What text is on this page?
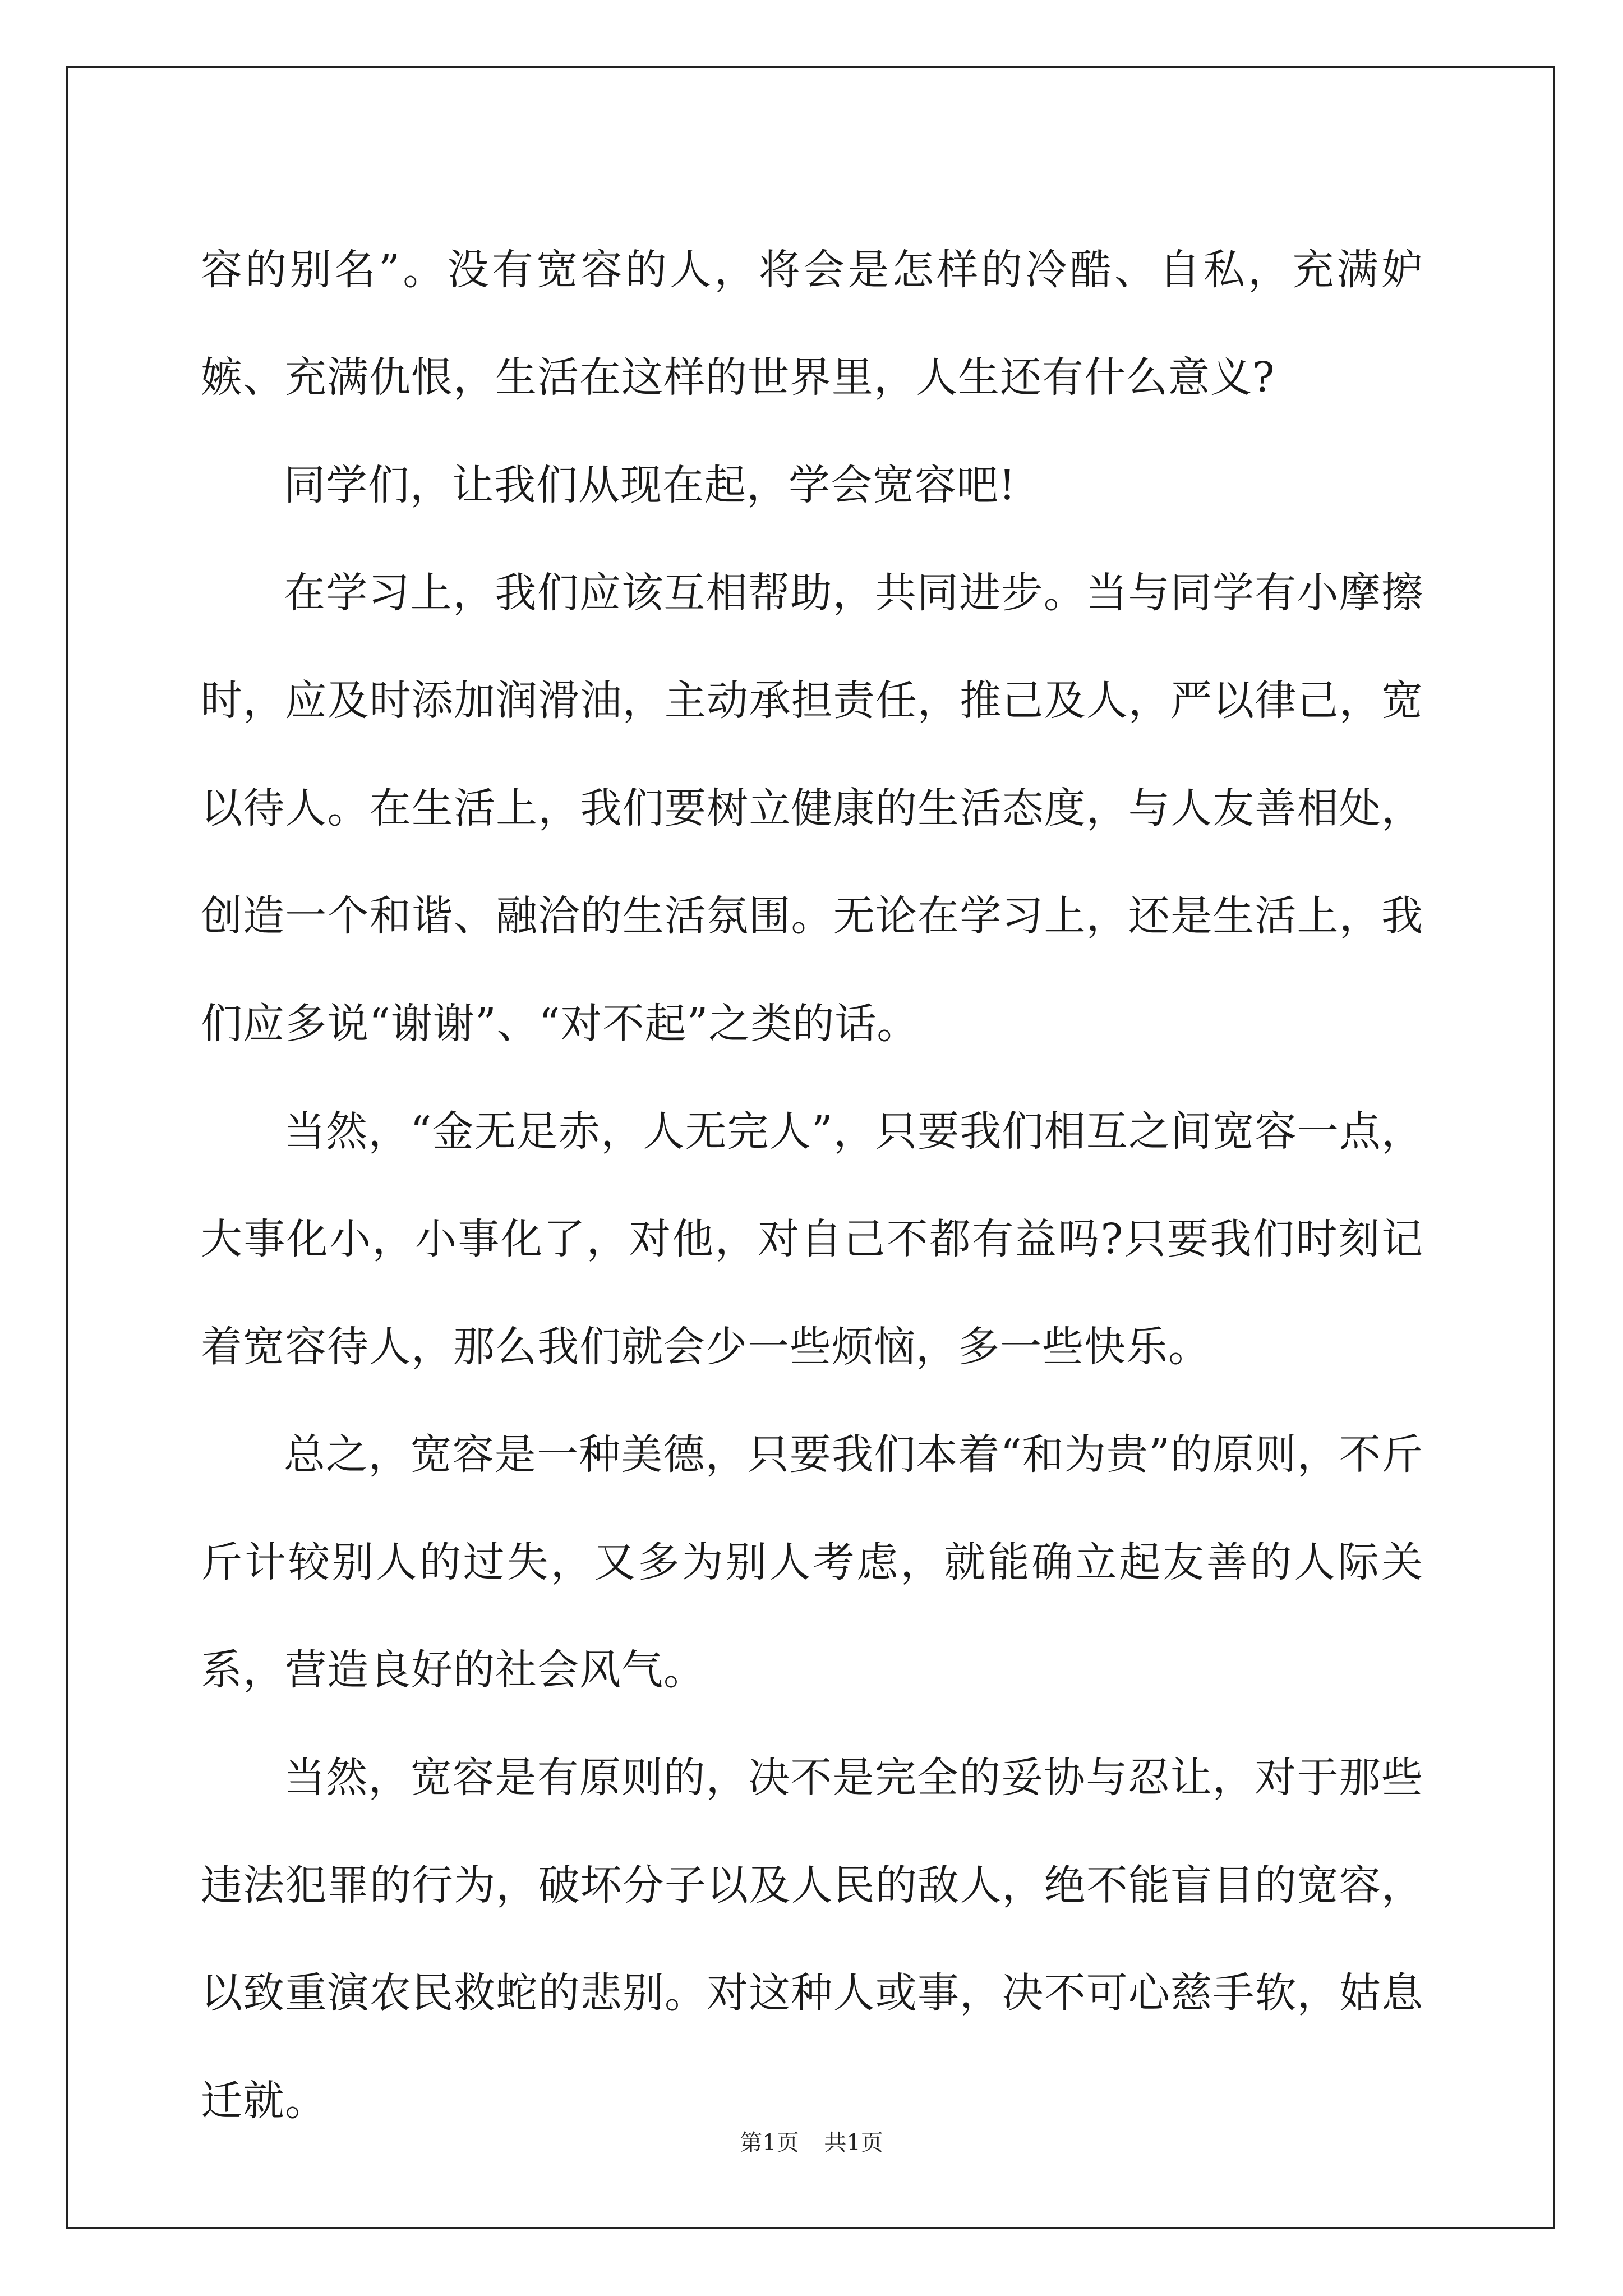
容的别名”。没有宽容的人，将会是怎样的冷酷、自私，充满妒嫉、充满仇恨，生活在这样的世界里，人生还有什么意义?

同学们，让我们从现在起，学会宽容吧!

在学习上，我们应该互相帮助，共同进步。当与同学有小摩擦时，应及时添加润滑油，主动承担责任，推己及人，严以律己，宽以待人。在生活上，我们要树立健康的生活态度，与人友善相处，创造一个和谐、融洽的生活氛围。无论在学习上，还是生活上，我们应多说“谢谢”、“对不起”之类的话。

当然，“金无足赤，人无完人”，只要我们相互之间宽容一点，大事化小，小事化了，对他，对自己不都有益吗?只要我们时刻记着宽容待人，那么我们就会少一些烦恼，多一些快乐。

总之，宽容是一种美德，只要我们本着“和为贵”的原则，不斤斤计较别人的过失，又多为别人考虑，就能确立起友善的人际关系，营造良好的社会风气。

当然，宽容是有原则的，决不是完全的妥协与忍让，对于那些违法犯罪的行为，破坏分子以及人民的敌人，绝不能盲目的宽容，以致重演农民救蛇的悲别。对这种人或事，决不可心慈手软，姑息迁就。

第1页 共1页
